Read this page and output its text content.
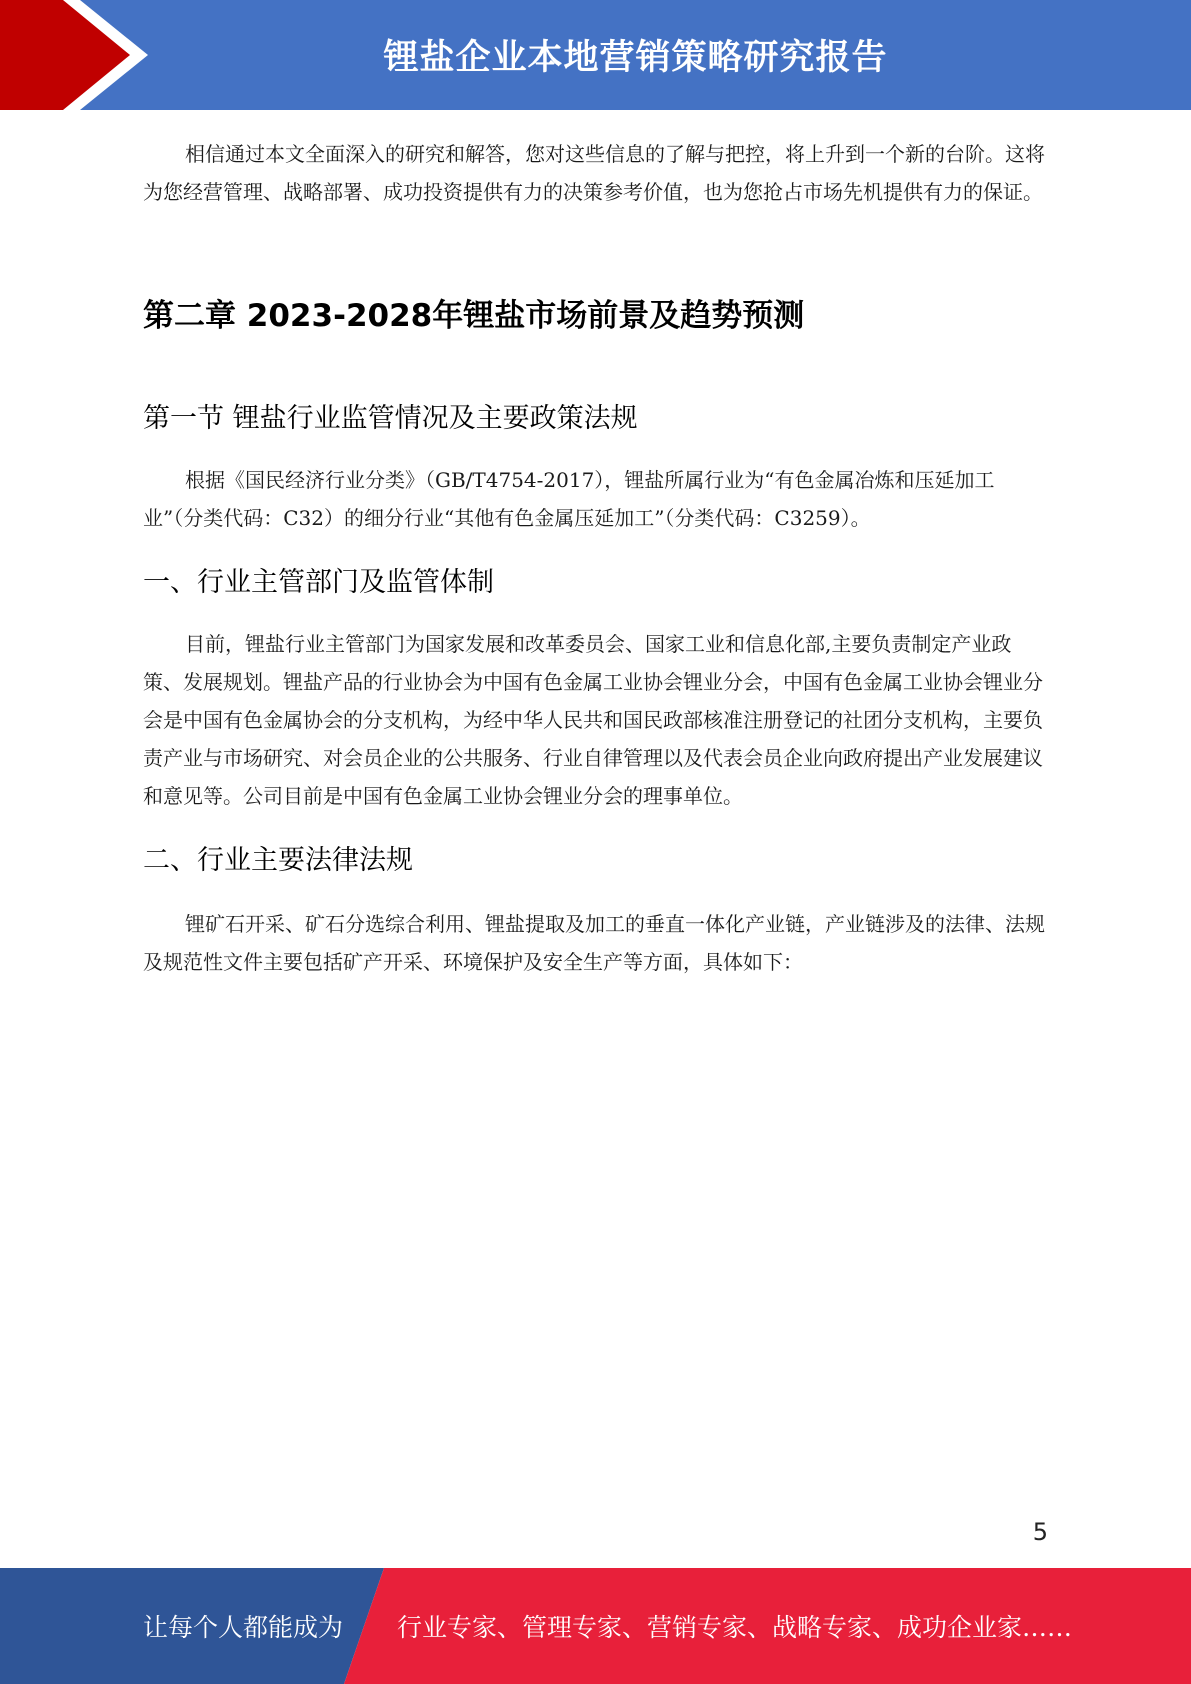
锂盐企业本地营销策略研究报告

相信通过本文全面深入的研究和解答，您对这些信息的了解与把控，将上升到一个新的台阶。这将为您经营管理、战略部署、成功投资提供有力的决策参考价值，也为您抢占市场先机提供有力的保证。

第二章 2023-2028年锂盐市场前景及趋势预测
第一节 锂盐行业监管情况及主要政策法规

根据《国民经济行业分类》（GB/T4754-2017），锂盐所属行业为“有色金属冶炼和压延加工业”（分类代码：C32）的细分行业“其他有色金属压延加工”（分类代码：C3259）。

一、行业主管部门及监管体制

目前，锂盐行业主管部门为国家发展和改革委员会、国家工业和信息化部,主要负责制定产业政策、发展规划。锂盐产品的行业协会为中国有色金属工业协会锂业分会，中国有色金属工业协会锂业分会是中国有色金属协会的分支机构，为经中华人民共和国民政部核准注册登记的社团分支机构，主要负责产业与市场研究、对会员企业的公共服务、行业自律管理以及代表会员企业向政府提出产业发展建议和意见等。公司目前是中国有色金属工业协会锂业分会的理事单位。

二、行业主要法律法规

锂矿石开采、矿石分选综合利用、锂盐提取及加工的垂直一体化产业链，产业链涉及的法律、法规及规范性文件主要包括矿产开采、环境保护及安全生产等方面，具体如下：

5
让每个人都能成为 行业专家、管理专家、营销专家、战略专家、成功企业家……
